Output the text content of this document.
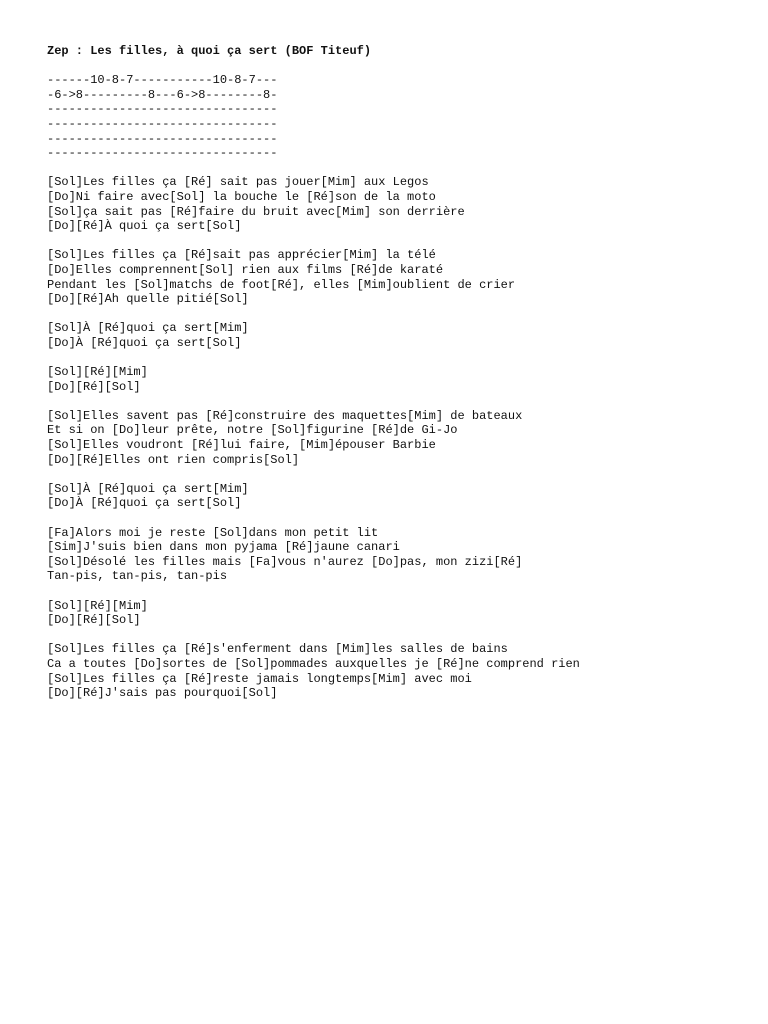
Zep : Les filles, à quoi ça sert (BOF Titeuf)
------10-8-7-----------10-8-7---
-6->8---------8---6->8--------8-
--------------------------------
--------------------------------
--------------------------------
--------------------------------
[Sol]Les filles ça [Ré] sait pas jouer[Mim] aux Legos
[Do]Ni faire avec[Sol] la bouche le [Ré]son de la moto
[Sol]ça sait pas [Ré]faire du bruit avec[Mim] son derrière
[Do][Ré]À quoi ça sert[Sol]
[Sol]Les filles ça [Ré]sait pas apprécier[Mim] la télé
[Do]Elles comprennent[Sol] rien aux films [Ré]de karaté
Pendant les [Sol]matchs de foot[Ré], elles [Mim]oublient de crier
[Do][Ré]Ah quelle pitié[Sol]
[Sol]À [Ré]quoi ça sert[Mim]
[Do]À [Ré]quoi ça sert[Sol]
[Sol][Ré][Mim]
[Do][Ré][Sol]
[Sol]Elles savent pas [Ré]construire des maquettes[Mim] de bateaux
Et si on [Do]leur prête, notre [Sol]figurine [Ré]de Gi-Jo
[Sol]Elles voudront [Ré]lui faire, [Mim]épouser Barbie
[Do][Ré]Elles ont rien compris[Sol]
[Sol]À [Ré]quoi ça sert[Mim]
[Do]À [Ré]quoi ça sert[Sol]
[Fa]Alors moi je reste [Sol]dans mon petit lit
[Sim]J'suis bien dans mon pyjama [Ré]jaune canari
[Sol]Désolé les filles mais [Fa]vous n'aurez [Do]pas, mon zizi[Ré]
Tan-pis, tan-pis, tan-pis
[Sol][Ré][Mim]
[Do][Ré][Sol]
[Sol]Les filles ça [Ré]s'enferment dans [Mim]les salles de bains
Ca a toutes [Do]sortes de [Sol]pommades auxquelles je [Ré]ne comprend rien
[Sol]Les filles ça [Ré]reste jamais longtemps[Mim] avec moi
[Do][Ré]J'sais pas pourquoi[Sol]
